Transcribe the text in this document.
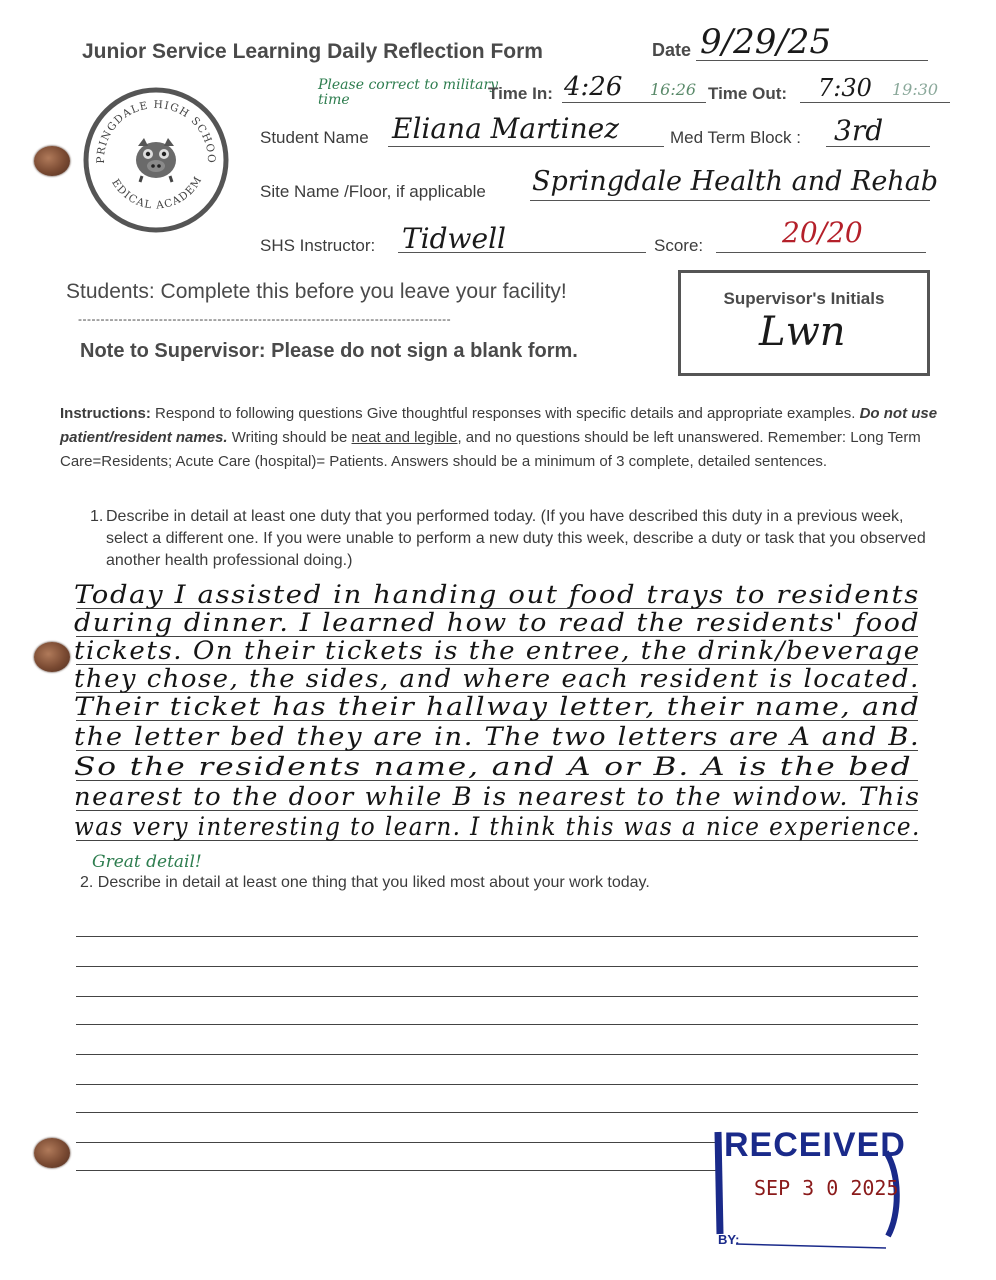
Junior Service Learning Daily Reflection Form	Date 9/29/25
PRINGDALE HIGH SCHOO
EDICAL ACADEM
Please correct to military time	Time In: 4:26 16:26 Time Out: 7:30 19:30
Student Name Eliana Martinez	Med Term Block : 3rd
Site Name /Floor, if applicable Springdale Health and Rehab
SHS Instructor: Tidwell	Score:	20/20
Students: Complete this before you leave your facility!
-----------------------------------------------------------------------------------
Note to Supervisor: Please do not sign a blank form.
Supervisor's Initials
Lwn
Instructions: Respond to following questions Give thoughtful responses with specific details and appropriate examples. Do not use patient/resident names. Writing should be neat and legible, and no questions should be left unanswered. Remember: Long Term Care=Residents; Acute Care (hospital)= Patients. Answers should be a minimum of 3 complete, detailed sentences.
1. Describe in detail at least one duty that you performed today. (If you have described this duty in a previous week, select a different one. If you were unable to perform a new duty this week, describe a duty or task that you observed another health professional doing.)
Today I assisted in handing out food trays to residents
during dinner. I learned how to read the residents' food
tickets. On their tickets is the entree, the drink/beverage
they chose, the sides, and where each resident is located.
Their ticket has their hallway letter, their name, and
the letter bed they are in. The two letters are A and B.
So the residents name, and A or B. A is the bed
nearest to the door while B is nearest to the window. This
was very interesting to learn. I think this was a nice experience.
Great detail!
2. Describe in detail at least one thing that you liked most about your work today.
RECEIVED
SEP 3 0 2025
BY:
